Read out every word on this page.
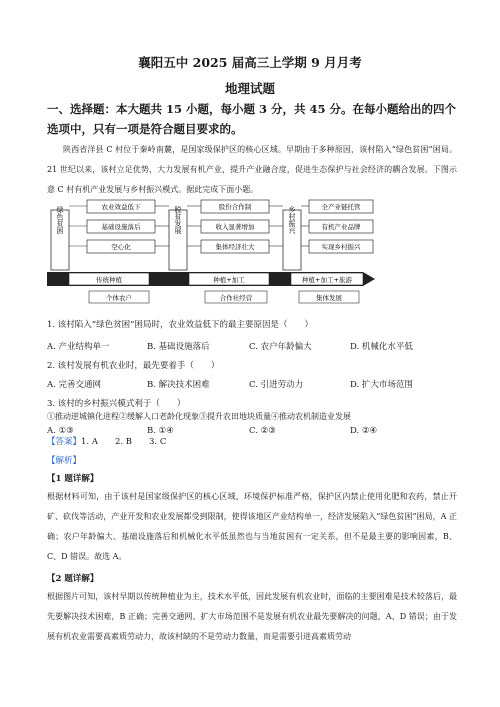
襄阳五中 2025 届高三上学期 9 月月考
地理试题
一、选择题：本大题共 15 小题，每小题 3 分，共 45 分。在每小题给出的四个选项中，只有一项是符合题目要求的。
陕西省洋县 C 村位于秦岭南麓，是国家级保护区的核心区域。早期由于多种原因，该村陷入“绿色贫困”困局。21 世纪以来，该村立足优势，大力发展有机产业，提升产业融合度，促进生态保护与社会经济的耦合发展。下图示意 C 村有机产业发展与乡村振兴模式。据此完成下面小题。
绿色贫困	脱贫发展	乡村振兴
农业效益低下
基础设施落后
空心化
股份合作制
收入显著增加
集体经济壮大
全产业链托管
有机产业品牌
实现乡村振兴
传统种植	种植+加工	种植+加工+旅游
个体农户	合作社经营	集体发展
1. 该村陷入“绿色贫困”困局时，农业效益低下的最主要原因是（　　）
A. 产业结构单一	B. 基础设施落后	C. 农户年龄偏大	D. 机械化水平低
2. 该村发展有机农业时，最先要着手（　　）
A. 完善交通网	B. 解决技术困难	C. 引进劳动力	D. 扩大市场范围
3. 该村的乡村振兴模式利于（　　）
①推动逆城镇化进程②缓解人口老龄化现象③提升农田地块质量④推动农机制造业发展
A. ①③	B. ①④	C. ②③	D. ②④
【答案】1. A　　2. B　　3. C
【解析】
【1 题详解】
根据材料可知，由于该村是国家级保护区的核心区域，环境保护标准严格，保护区内禁止使用化肥和农药，禁止开矿、砍伐等活动，产业开发和农业发展都受到限制，使得该地区产业结构单一，经济发展陷入“绿色贫困”困局，A 正确；农户年龄偏大、基础设施落后和机械化水平低虽然也与当地贫困有一定关系，但不是最主要的影响因素，B、C、D 错误。故选 A。
【2 题详解】
根据图片可知，该村早期以传统种植业为主，技术水平低，因此发展有机农业时，面临的主要困难是技术较落后，最先要解决技术困难，B 正确；完善交通网、扩大市场范围不是发展有机农业最先要解决的问题，A、D 错误；由于发展有机农业需要高素质劳动力，故该村缺的不是劳动力数量，而是需要引进高素质劳动
